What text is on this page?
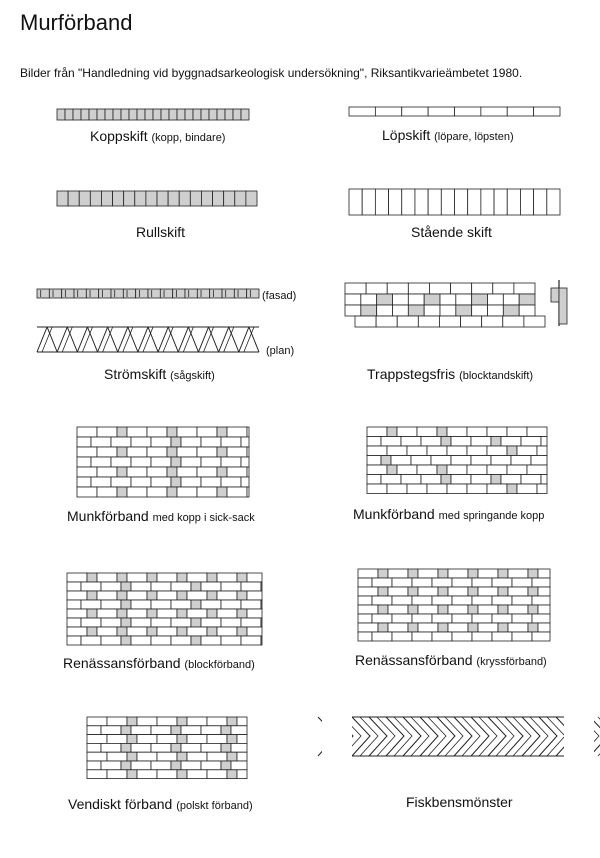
Murförband
Bilder från "Handledning vid byggnadsarkeologisk undersökning", Riksantikvarieämbetet 1980.
Koppskift (kopp, bindare)	Löpskift (löpare, löpsten)
Rullskift	Stående skift
(fasad)
(plan)
Strömskift (sågskift)	Trappstegsfris (blocktandskift)
Munkförband med kopp i sick-sack	Munkförband med springande kopp
Renässansförband (blockförband)	Renässansförband (kryssförband)
Vendiskt förband (polskt förband)	Fiskbensmönster
